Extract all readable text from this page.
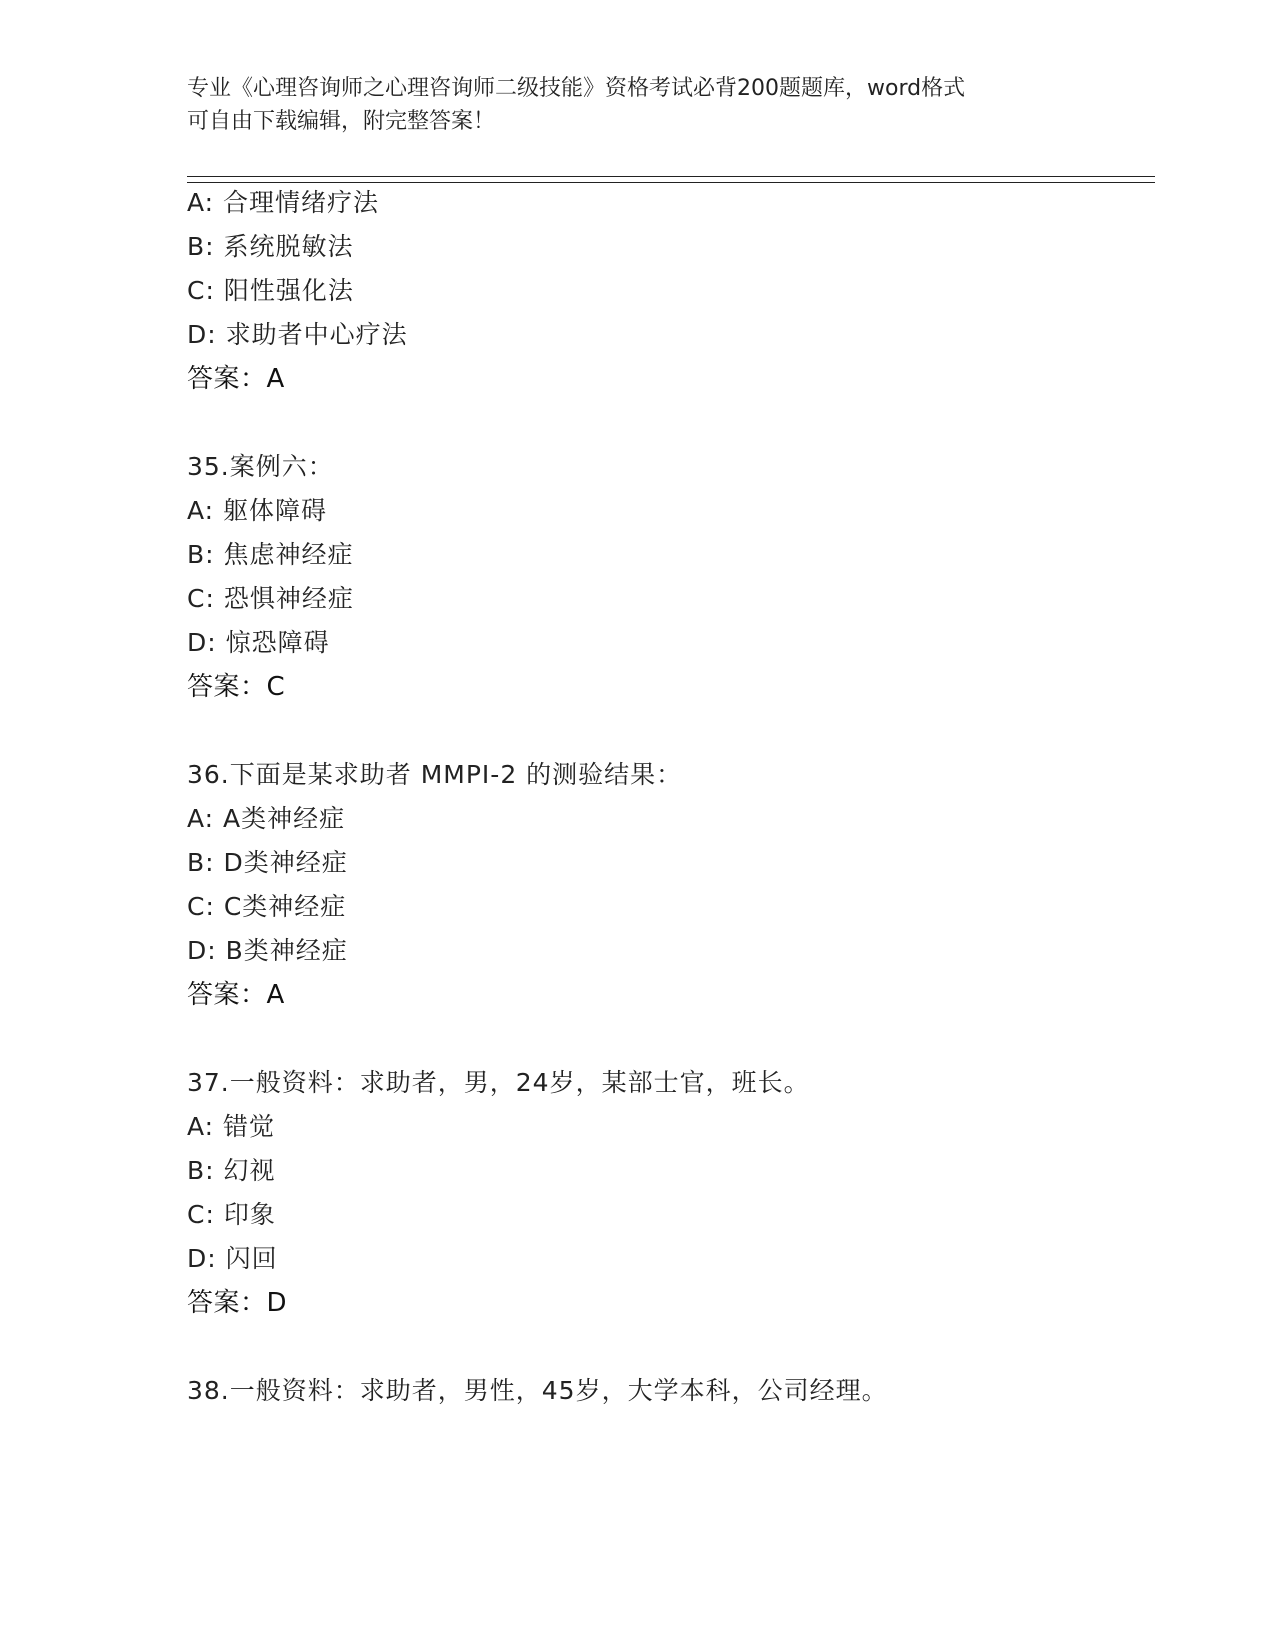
专业《心理咨询师之心理咨询师二级技能》资格考试必背200题题库，word格式
可自由下载编辑，附完整答案！
A: 合理情绪疗法
B: 系统脱敏法
C: 阳性强化法
D: 求助者中心疗法
答案：A
35.案例六：
A: 躯体障碍
B: 焦虑神经症
C: 恐惧神经症
D: 惊恐障碍
答案：C
36.下面是某求助者 MMPI-2 的测验结果：
A: A类神经症
B: D类神经症
C: C类神经症
D: B类神经症
答案：A
37.一般资料：求助者，男，24岁，某部士官，班长。
A: 错觉
B: 幻视
C: 印象
D: 闪回
答案：D
38.一般资料：求助者，男性，45岁，大学本科，公司经理。
